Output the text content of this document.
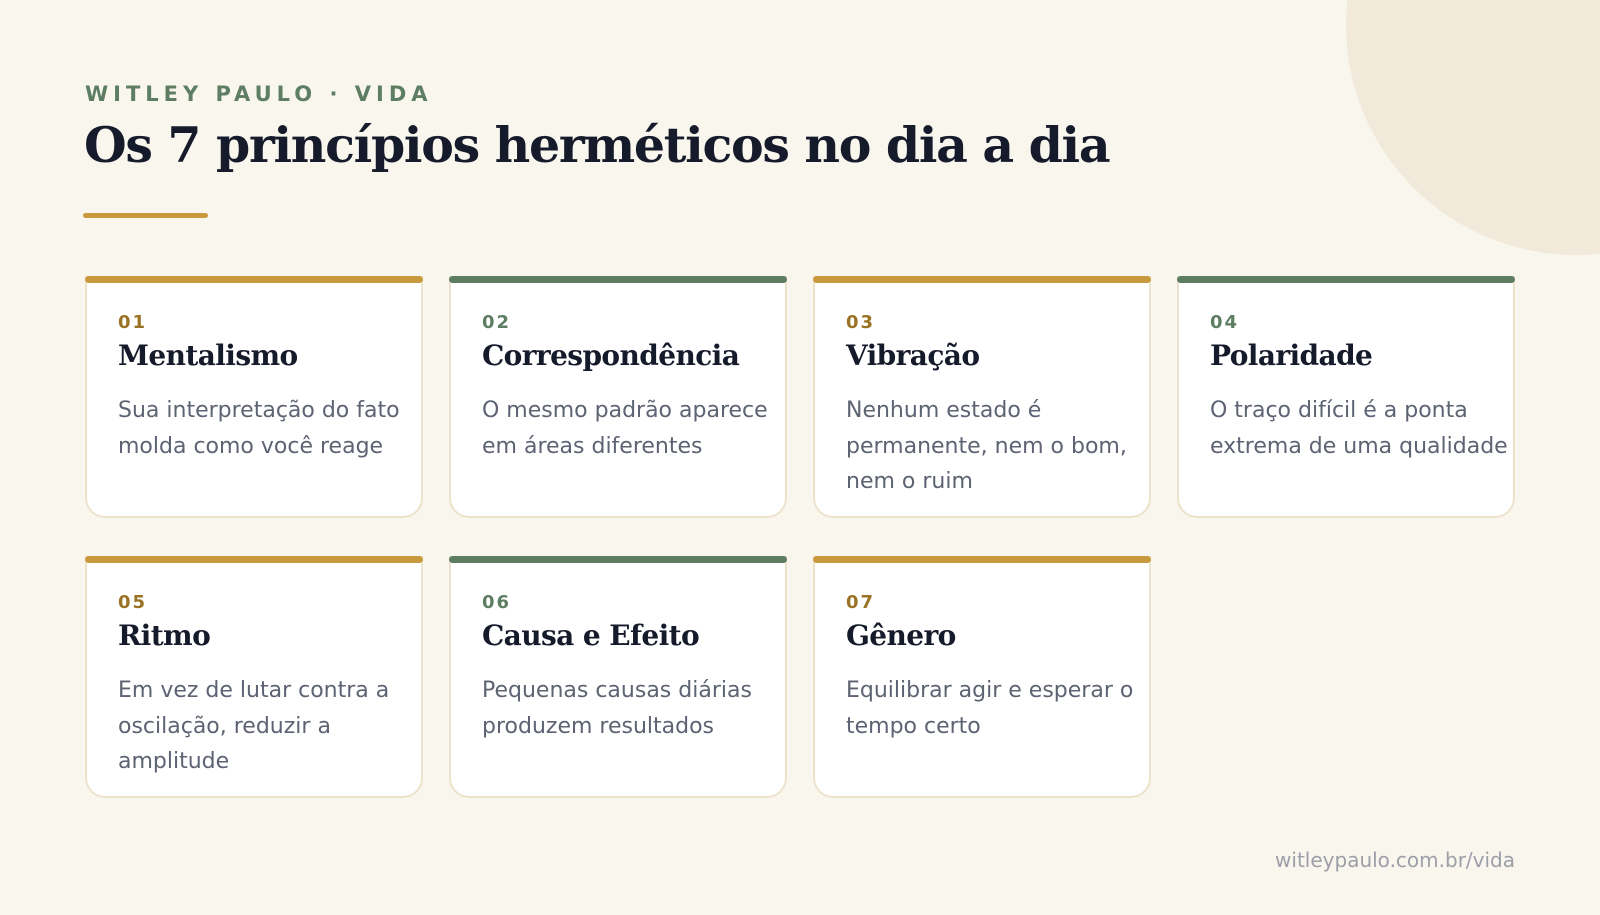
WITLEY PAULO · VIDA
Os 7 princípios herméticos no dia a dia
01
Mentalismo

Sua interpretação do fato molda como você reage

02
Correspondência

O mesmo padrão aparece em áreas diferentes

03
Vibração

Nenhum estado é permanente, nem o bom, nem o ruim

04
Polaridade

O traço difícil é a ponta extrema de uma qualidade

05
Ritmo

Em vez de lutar contra a oscilação, reduzir a amplitude

06
Causa e Efeito

Pequenas causas diárias produzem resultados

07
Gênero

Equilibrar agir e esperar o tempo certo

witleypaulo.com.br/vida
